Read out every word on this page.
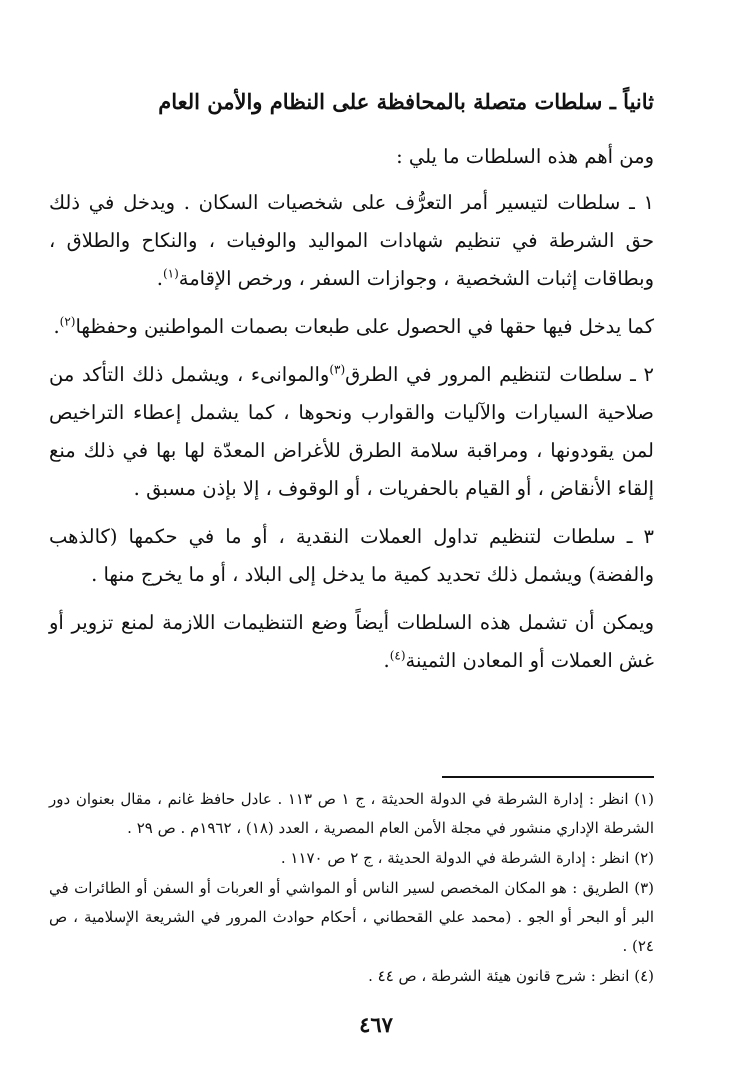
ثانياً ـ سلطات متصلة بالمحافظة على النظام والأمن العام

ومن أهم هذه السلطات ما يلي :

١ ـ سلطات لتيسير أمر التعرُّف على شخصيات السكان . ويدخل في ذلك حق الشرطة في تنظيم شهادات المواليد والوفيات ، والنكاح والطلاق ، وبطاقات إثبات الشخصية ، وجوازات السفر ، ورخص الإقامة$^{(١)}$.

كما يدخل فيها حقها في الحصول على طبعات بصمات المواطنين وحفظها$^{(٢)}$.

٢ ـ سلطات لتنظيم المرور في الطرق$^{(٣)}$والموانىء ، ويشمل ذلك التأكد من صلاحية السيارات والآليات والقوارب ونحوها ، كما يشمل إعطاء التراخيص لمن يقودونها ، ومراقبة سلامة الطرق للأغراض المعدّة لها بها في ذلك منع إلقاء الأنقاض ، أو القيام بالحفريات ، أو الوقوف ، إلا بإذن مسبق .

٣ ـ سلطات لتنظيم تداول العملات النقدية ، أو ما في حكمها (كالذهب والفضة) ويشمل ذلك تحديد كمية ما يدخل إلى البلاد ، أو ما يخرج منها .

ويمكن أن تشمل هذه السلطات أيضاً وضع التنظيمات اللازمة لمنع تزوير أو غش العملات أو المعادن الثمينة$^{(٤)}$.

(١) انظر : إدارة الشرطة في الدولة الحديثة ، ج ١ ص ١١٣ . عادل حافظ غانم ، مقال بعنوان دور الشرطة الإداري منشور في مجلة الأمن العام المصرية ، العدد (١٨) ، ١٩٦٢م . ص ٢٩ .

(٢) انظر : إدارة الشرطة في الدولة الحديثة ، ج ٢ ص ١١٧٠ .

(٣) الطريق : هو المكان المخصص لسير الناس أو المواشي أو العربات أو السفن أو الطائرات في البر أو البحر أو الجو . (محمد علي القحطاني ، أحكام حوادث المرور في الشريعة الإسلامية ، ص ٢٤) .

(٤) انظر : شرح قانون هيئة الشرطة ، ص ٤٤ .

٤٦٧
